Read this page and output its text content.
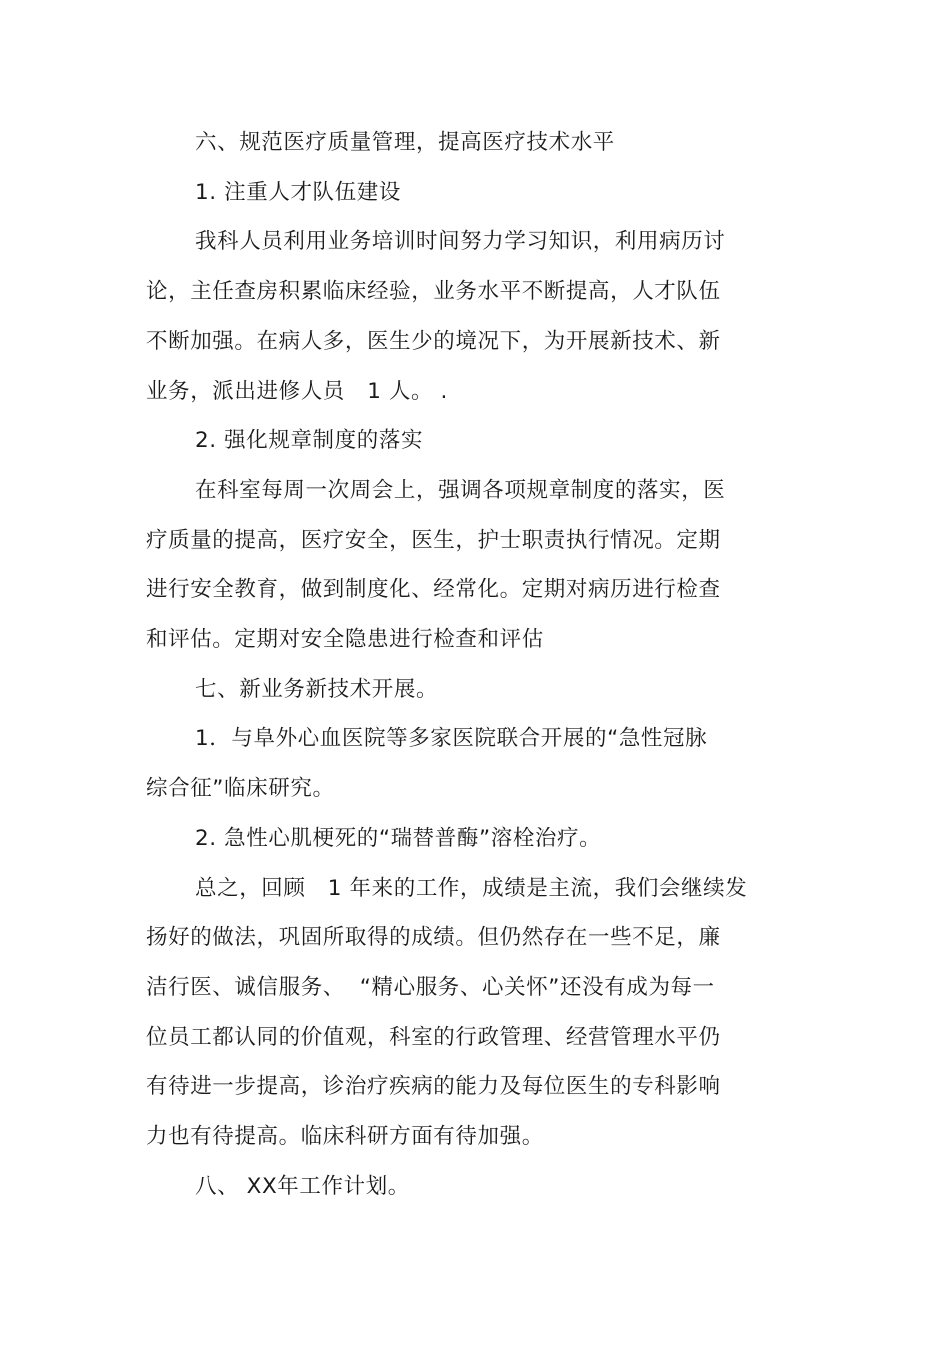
六、规范医疗质量管理，提高医疗技术水平

1. 注重人才队伍建设

我科人员利用业务培训时间努力学习知识，利用病历讨

论，主任查房积累临床经验，业务水平不断提高，人才队伍

不断加强。在病人多，医生少的境况下，为开展新技术、新

业务，派出进修人员   1 人。 .

2. 强化规章制度的落实

在科室每周一次周会上，强调各项规章制度的落实，医

疗质量的提高，医疗安全，医生，护士职责执行情况。定期

进行安全教育，做到制度化、经常化。定期对病历进行检查

和评估。定期对安全隐患进行检查和评估

七、新业务新技术开展。

1．与阜外心血医院等多家医院联合开展的“急性冠脉

综合征”临床研究。

2. 急性心肌梗死的“瑞替普酶”溶栓治疗。

总之，回顾   1 年来的工作，成绩是主流，我们会继续发

扬好的做法，巩固所取得的成绩。但仍然存在一些不足，廉

洁行医、诚信服务、  “精心服务、心关怀”还没有成为每一

位员工都认同的价值观，科室的行政管理、经营管理水平仍

有待进一步提高，诊治疗疾病的能力及每位医生的专科影响

力也有待提高。临床科研方面有待加强。

八、 XX年工作计划。
